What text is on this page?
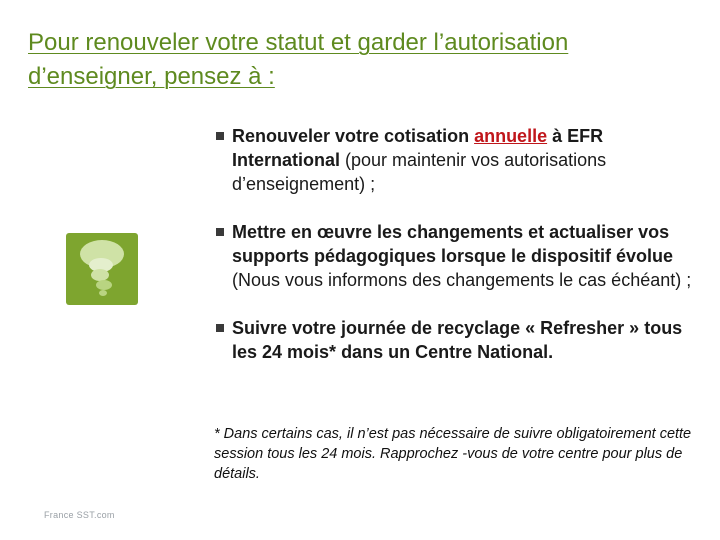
Pour renouveler votre statut et garder l’autorisation
d’enseigner, pensez à :
Renouveler votre cotisation annuelle à EFR International (pour maintenir vos autorisations d’enseignement) ;
Mettre en œuvre les changements et actualiser vos supports pédagogiques lorsque le dispositif évolue (Nous vous informons des changements le cas échéant) ;
Suivre votre journée de recyclage « Refresher » tous les 24 mois* dans un Centre National.
* Dans certains cas, il n’est pas nécessaire de suivre obligatoirement cette session tous les 24 mois. Rapprochez -vous de votre centre pour plus de détails.
France SST.com
